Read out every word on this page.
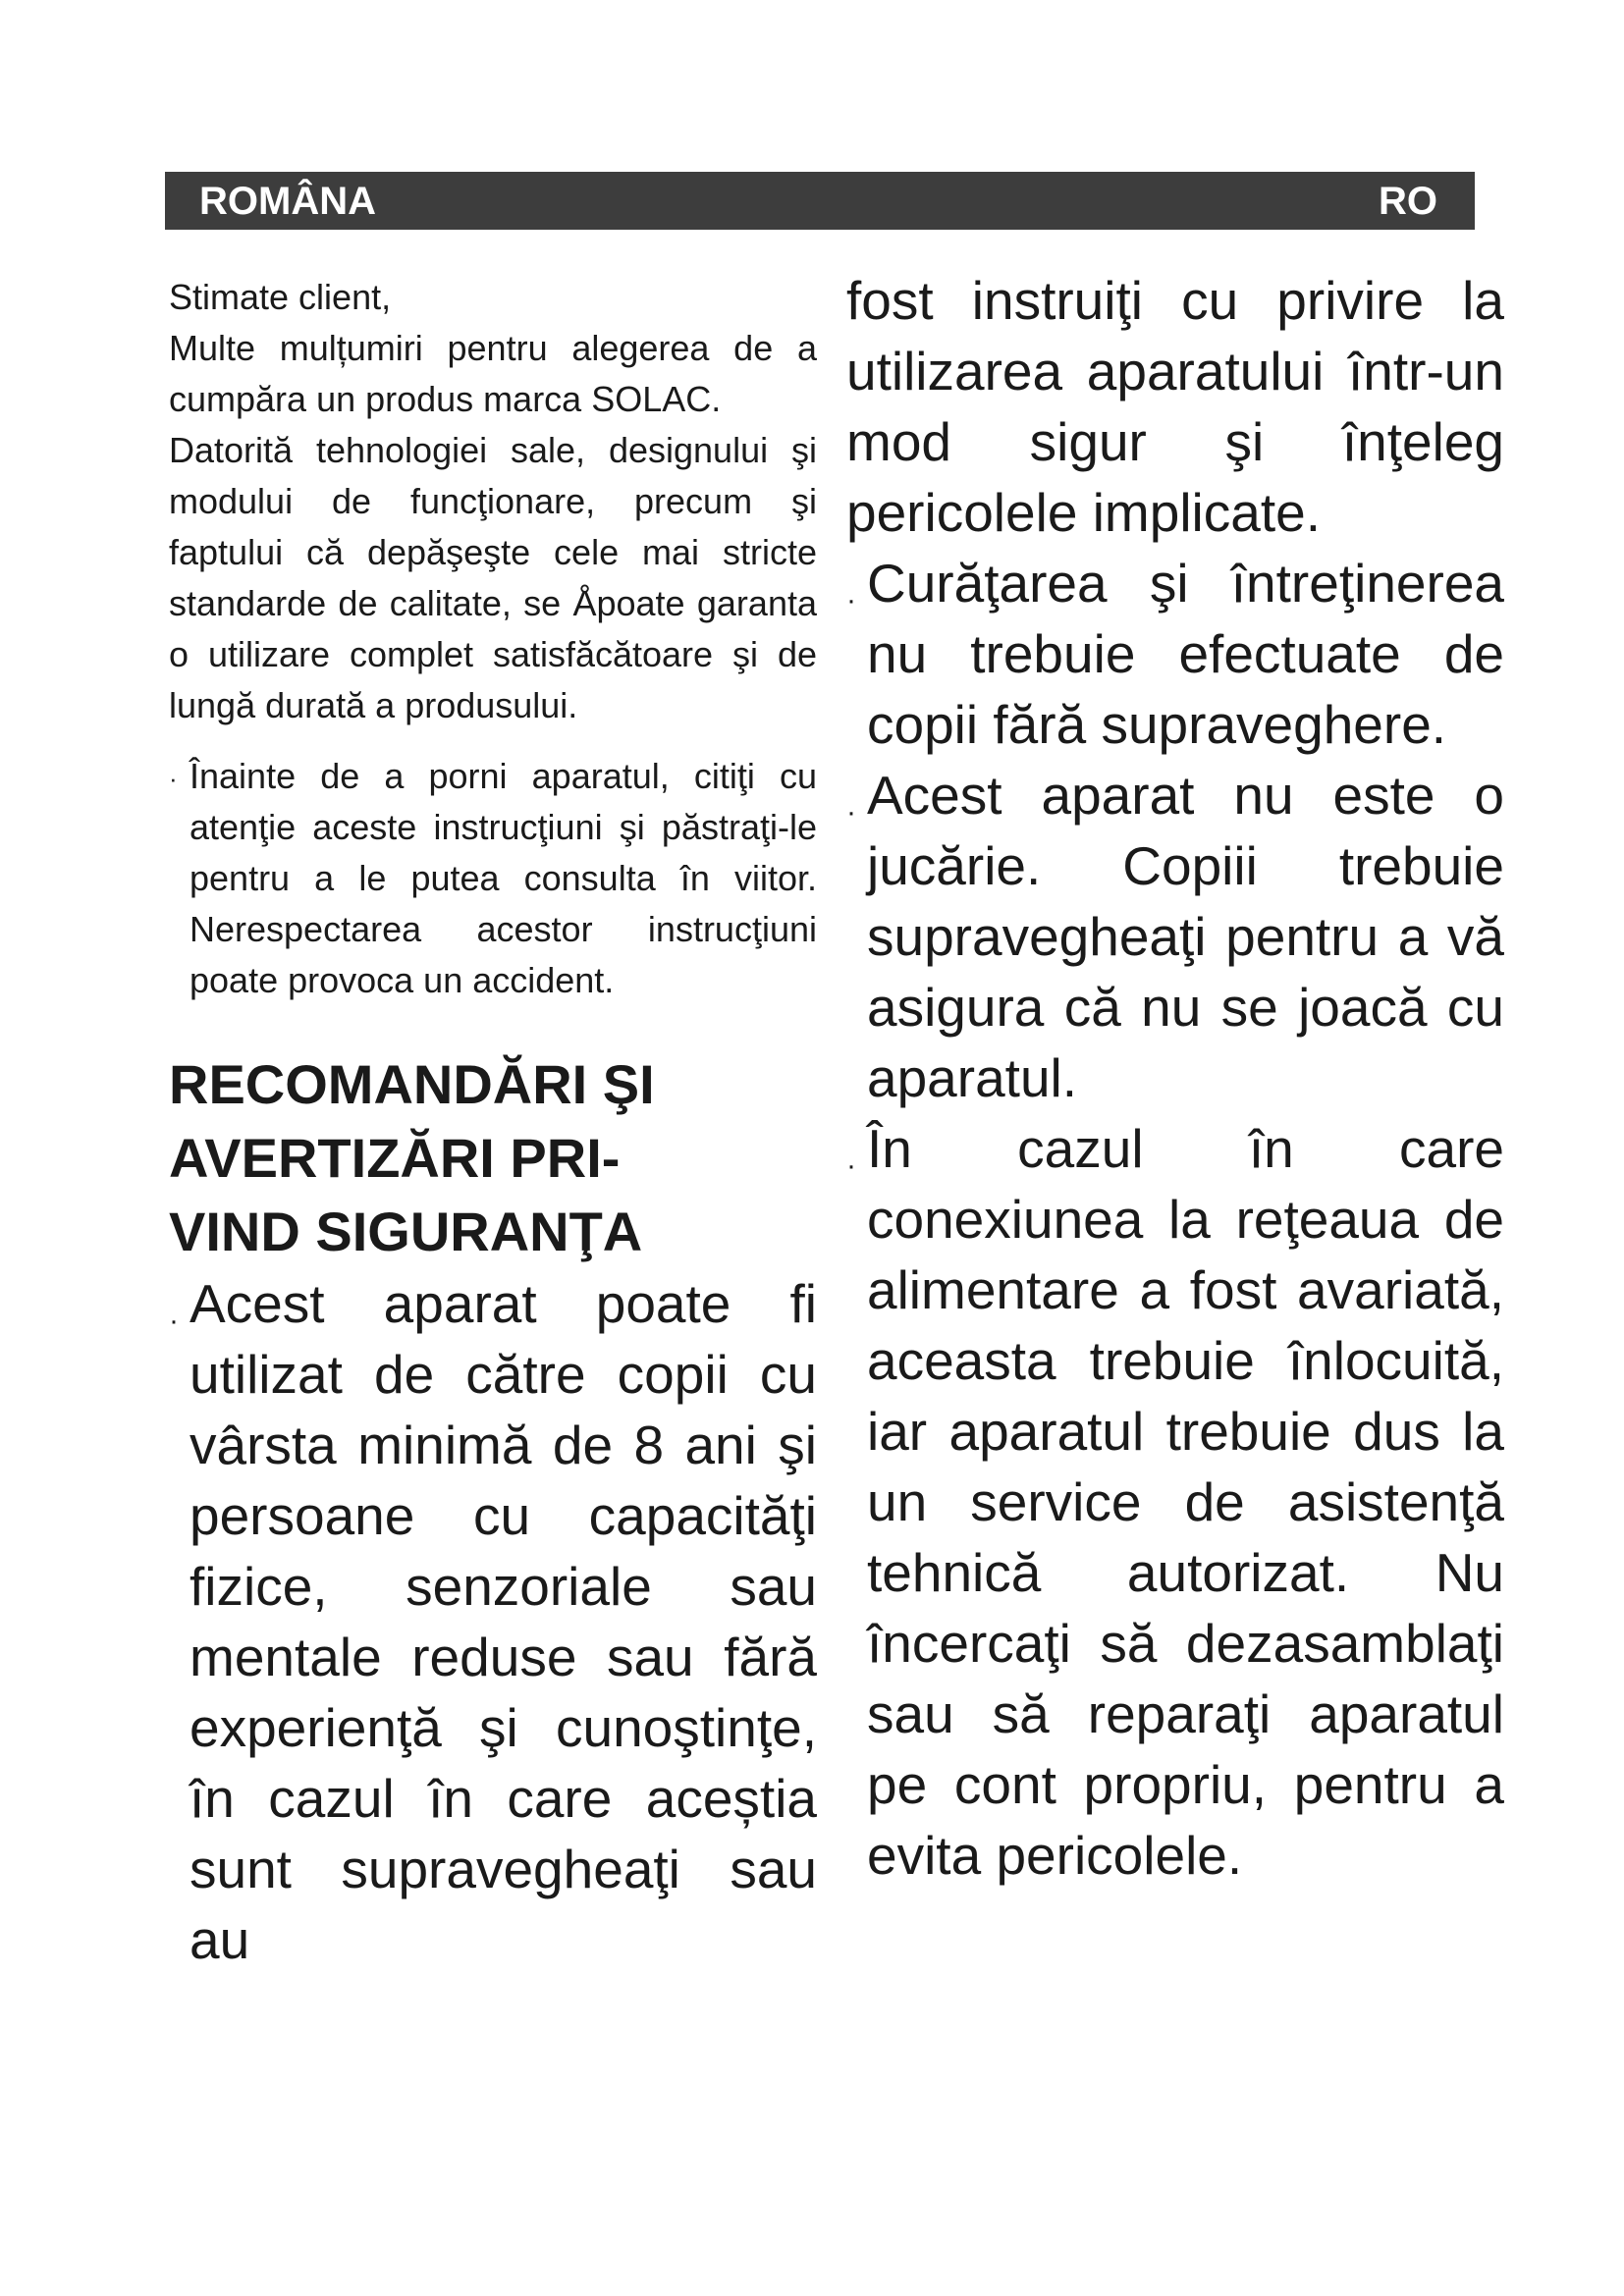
ROMÂNA	RO

Stimate client,

Multe mulțumiri pentru alegerea de a cumpăra un produs marca SOLAC.

Datorită tehnologiei sale, designului şi modului de funcţionare, precum şi faptului că depăşeşte cele mai stricte standarde de calitate, se Åpoate garanta o utilizare complet satisfăcătoare şi de lungă durată a produsului.

· Înainte de a porni aparatul, citiţi cu atenţie aceste instrucţiuni şi păstraţi-le pentru a le putea consulta în viitor. Nerespectarea acestor instrucţiuni poate provoca un accident.
RECOMANDĂRI ŞI
AVERTIZĂRI PRI-
VIND SIGURANŢA
· Acest aparat poate fi utilizat de către copii cu vârsta minimă de 8 ani şi persoane cu capacităţi fizice, senzoriale sau mentale reduse sau fără experienţă şi cunoştinţe, în cazul în care aceștia sunt supravegheaţi sau au

fost instruiţi cu privire la utilizarea aparatului într-un mod sigur şi înţeleg pericolele implicate.

· Curăţarea şi întreţinerea nu trebuie efectuate de copii fără supraveghere.
· Acest aparat nu este o jucărie. Copiii trebuie supravegheaţi pentru a vă asigura că nu se joacă cu aparatul.
· În cazul în care conexiunea la reţeaua de alimentare a fost avariată, aceasta trebuie înlocuită, iar aparatul trebuie dus la un service de asistenţă tehnică autorizat. Nu încercaţi să dezasamblaţi sau să reparaţi aparatul pe cont propriu, pentru a evita pericolele.
